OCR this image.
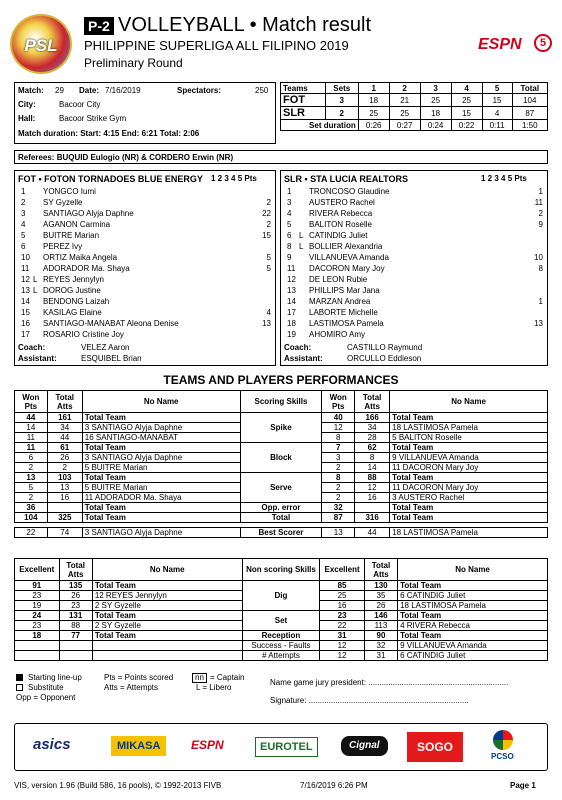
PSL
P-2 VOLLEYBALL • Match result
PHILIPPINE SUPERLIGA ALL FILIPINO 2019
Preliminary Round
ESPN	5
Match: 29 Date: 7/16/2019	Spectators:	250
City:	Bacoor City
Hall:	Bacoor Strike Gym
Match duration: Start: 4:15 End: 6:21 Total: 2:06
Teams	Sets	1	2	3	4	5	Total
FOT	3	18	21	25	25	15	104
SLR	2	25	25	18	15	4	87
Set duration		0:26	0:27	0:24	0:22	0:11	1:50
Referees: BUQUID Eulogio (NR) & CORDERO Erwin (NR)
FOT • FOTON TORNADOES BLUE ENERGY 1 2 3 4 5 Pts
1 YONGCO Iumi
2 SY Gyzelle	2
3 SANTIAGO Alyja Daphne	22
4 AGANON Carmina	2
5 BUITRE Marian	15
6 PEREZ Ivy
10 ORTIZ Maika Angela	5
11 ADORADOR Ma. Shaya	5
12 L REYES Jennylyn
13 L DOROG Justine
14 BENDONG Laizah
15 KASILAG Elaine	4
16 SANTIAGO-MANABAT Aleona Denise	13
17 ROSARIO Cristine Joy
Coach:	VELEZ Aaron
Assistant:	ESQUIBEL Brian
SLR • STA LUCIA REALTORS	1 2 3 4 5 Pts
1 TRONCOSO Glaudine	1
3 AUSTERO Rachel	11
4 RIVERA Rebecca	2
5 BALITON Roselle	9
6 L CATINDIG Juliet
8 L BOLLIER Alexandria
9 VILLANUEVA Amanda	10
11 DACORON Mary Joy	8
12 DE LEON Rubie
13 PHILLIPS Mar Jana
14 MARZAN Andrea	1
17 LABORTE Michelle
18 LASTIMOSA Pamela	13
19 AHOMIRO Amy
Coach:	CASTILLO Raymund
Assistant:	ORCULLO Eddieson
TEAMS AND PLAYERS PERFORMANCES
Won Pts	Total Atts	No Name	Scoring Skills	Won Pts	Total Atts	No Name
44	161	Total Team	Spike	40	166	Total Team
14	34	3 SANTIAGO Alyja Daphne		12	34	18 LASTIMOSA Pamela
11	44	16 SANTIAGO-MANABAT		8	28	5 BALITON Roselle
11	61	Total Team	Block	7	62	Total Team
6	26	3 SANTIAGO Alyja Daphne		3	8	9 VILLANUEVA Amanda
2	2	5 BUITRE Marian		2	14	11 DACORON Mary Joy
13	103	Total Team	Serve	8	88	Total Team
5	13	5 BUITRE Marian		2	12	11 DACORON Mary Joy
2	16	11 ADORADOR Ma. Shaya		2	16	3 AUSTERO Rachel
36		Total Team	Opp. error	32		Total Team
104	325	Total Team	Total	87	316	Total Team

22	74	3 SANTIAGO Alyja Daphne	Best Scorer	13	44	18 LASTIMOSA Pamela
Excellent	Total Atts	No Name	Non scoring Skills	Excellent	Total Atts	No Name
91	135	Total Team	Dig	85	130	Total Team
23	26	12 REYES Jennylyn		25	35	6 CATINDIG Juliet
19	23	2 SY Gyzelle		16	26	18 LASTIMOSA Pamela
24	131	Total Team	Set	23	146	Total Team
23	88	2 SY Gyzelle		22	113	4 RIVERA Rebecca
18	77	Total Team	Reception	31	90	Total Team
			Success - Faults	12	32	9 VILLANUEVA Amanda
			# Attempts	12	31	6 CATINDIG Juliet
Starting line-up
Substitute
Opp = Opponent
Pts = Points scored
Atts = Attempts
nn = Captain
L = Libero
Name game jury president: ...............................................................
Signature: ........................................................................
asics	MIKASA	ESPN	EUROTEL	Cignal	SOGO
PCSO
VIS, version 1.96 (Build 586, 16 pools), © 1992-2013 FIVB	7/16/2019 6:26 PM	Page 1
